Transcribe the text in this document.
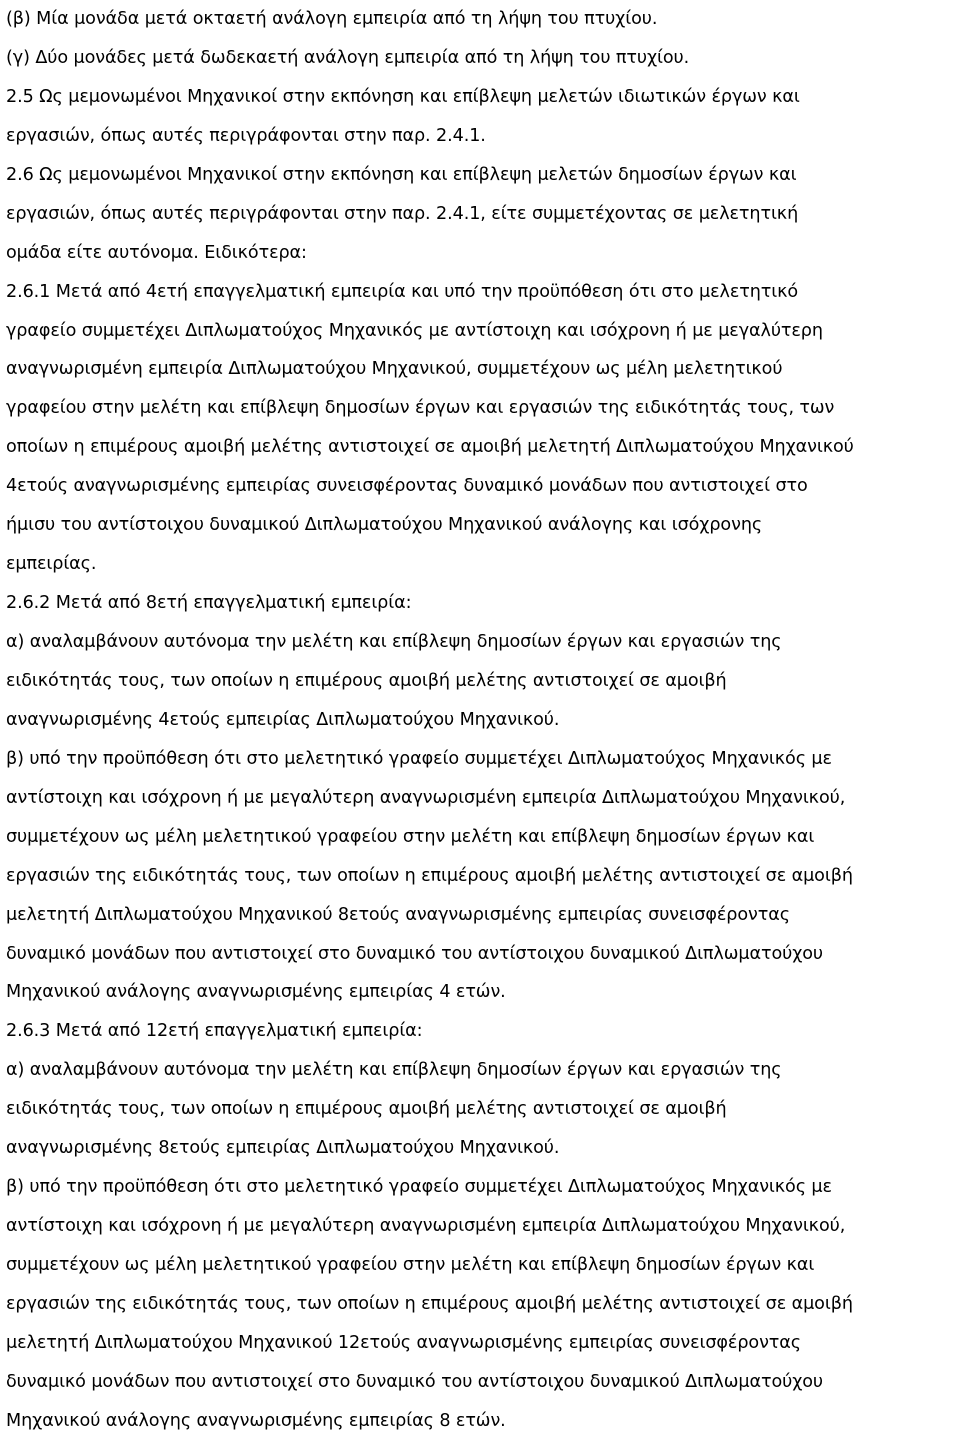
(β) Μία μονάδα μετά οκταετή ανάλογη εμπειρία από τη λήψη του πτυχίου.
(γ) Δύο μονάδες μετά δωδεκαετή ανάλογη εμπειρία από τη λήψη του πτυχίου.
2.5 Ως μεμονωμένοι Μηχανικοί στην εκπόνηση και επίβλεψη μελετών ιδιωτικών έργων και
εργασιών, όπως αυτές περιγράφονται στην παρ. 2.4.1.
2.6 Ως μεμονωμένοι Μηχανικοί στην εκπόνηση και επίβλεψη μελετών δημοσίων έργων και
εργασιών, όπως αυτές περιγράφονται στην παρ. 2.4.1, είτε συμμετέχοντας σε μελετητική
ομάδα είτε αυτόνομα. Ειδικότερα:
2.6.1 Μετά από 4ετή επαγγελματική εμπειρία και υπό την προϋπόθεση ότι στο μελετητικό
γραφείο συμμετέχει Διπλωματούχος Μηχανικός με αντίστοιχη και ισόχρονη ή με μεγαλύτερη
αναγνωρισμένη εμπειρία Διπλωματούχου Μηχανικού, συμμετέχουν ως μέλη μελετητικού
γραφείου στην μελέτη και επίβλεψη δημοσίων έργων και εργασιών της ειδικότητάς τους, των
οποίων η επιμέρους αμοιβή μελέτης αντιστοιχεί σε αμοιβή μελετητή Διπλωματούχου Μηχανικού
4ετούς αναγνωρισμένης εμπειρίας συνεισφέροντας δυναμικό μονάδων που αντιστοιχεί στο
ήμισυ του αντίστοιχου δυναμικού Διπλωματούχου Μηχανικού ανάλογης και ισόχρονης
εμπειρίας.
2.6.2 Μετά από 8ετή επαγγελματική εμπειρία:
α) αναλαμβάνουν αυτόνομα την μελέτη και επίβλεψη δημοσίων έργων και εργασιών της
ειδικότητάς τους, των οποίων η επιμέρους αμοιβή μελέτης αντιστοιχεί σε αμοιβή
αναγνωρισμένης 4ετούς εμπειρίας Διπλωματούχου Μηχανικού.
β) υπό την προϋπόθεση ότι στο μελετητικό γραφείο συμμετέχει Διπλωματούχος Μηχανικός με
αντίστοιχη και ισόχρονη ή με μεγαλύτερη αναγνωρισμένη εμπειρία Διπλωματούχου Μηχανικού,
συμμετέχουν ως μέλη μελετητικού γραφείου στην μελέτη και επίβλεψη δημοσίων έργων και
εργασιών της ειδικότητάς τους, των οποίων η επιμέρους αμοιβή μελέτης αντιστοιχεί σε αμοιβή
μελετητή Διπλωματούχου Μηχανικού 8ετούς αναγνωρισμένης εμπειρίας συνεισφέροντας
δυναμικό μονάδων που αντιστοιχεί στο δυναμικό του αντίστοιχου δυναμικού Διπλωματούχου
Μηχανικού ανάλογης αναγνωρισμένης εμπειρίας 4 ετών.
2.6.3 Μετά από 12ετή επαγγελματική εμπειρία:
α) αναλαμβάνουν αυτόνομα την μελέτη και επίβλεψη δημοσίων έργων και εργασιών της
ειδικότητάς τους, των οποίων η επιμέρους αμοιβή μελέτης αντιστοιχεί σε αμοιβή
αναγνωρισμένης 8ετούς εμπειρίας Διπλωματούχου Μηχανικού.
β) υπό την προϋπόθεση ότι στο μελετητικό γραφείο συμμετέχει Διπλωματούχος Μηχανικός με
αντίστοιχη και ισόχρονη ή με μεγαλύτερη αναγνωρισμένη εμπειρία Διπλωματούχου Μηχανικού,
συμμετέχουν ως μέλη μελετητικού γραφείου στην μελέτη και επίβλεψη δημοσίων έργων και
εργασιών της ειδικότητάς τους, των οποίων η επιμέρους αμοιβή μελέτης αντιστοιχεί σε αμοιβή
μελετητή Διπλωματούχου Μηχανικού 12ετούς αναγνωρισμένης εμπειρίας συνεισφέροντας
δυναμικό μονάδων που αντιστοιχεί στο δυναμικό του αντίστοιχου δυναμικού Διπλωματούχου
Μηχανικού ανάλογης αναγνωρισμένης εμπειρίας 8 ετών.
